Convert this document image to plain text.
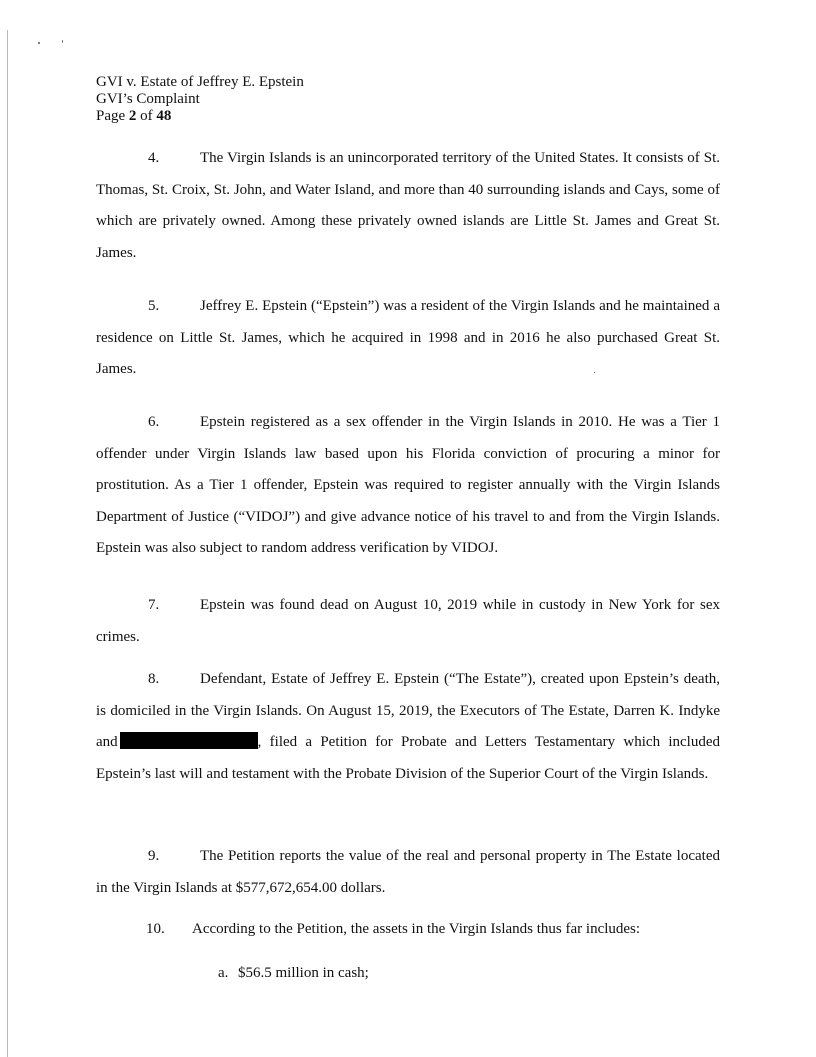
GVI v. Estate of Jeffrey E. Epstein
GVI’s Complaint
Page 2 of 48
4.	The Virgin Islands is an unincorporated territory of the United States. It consists of St. Thomas, St. Croix, St. John, and Water Island, and more than 40 surrounding islands and Cays, some of which are privately owned. Among these privately owned islands are Little St. James and Great St. James.
5.	Jeffrey E. Epstein (“Epstein”) was a resident of the Virgin Islands and he maintained a residence on Little St. James, which he acquired in 1998 and in 2016 he also purchased Great St. James.
6.	Epstein registered as a sex offender in the Virgin Islands in 2010. He was a Tier 1 offender under Virgin Islands law based upon his Florida conviction of procuring a minor for prostitution. As a Tier 1 offender, Epstein was required to register annually with the Virgin Islands Department of Justice (“VIDOJ”) and give advance notice of his travel to and from the Virgin Islands. Epstein was also subject to random address verification by VIDOJ.
7.	Epstein was found dead on August 10, 2019 while in custody in New York for sex crimes.
8.	Defendant, Estate of Jeffrey E. Epstein (“The Estate”), created upon Epstein’s death, is domiciled in the Virgin Islands. On August 15, 2019, the Executors of The Estate, Darren K. Indyke and	, filed a Petition for Probate and Letters Testamentary which included Epstein’s last will and testament with the Probate Division of the Superior Court of the Virgin Islands.
9.	The Petition reports the value of the real and personal property in The Estate located in the Virgin Islands at $577,672,654.00 dollars.
10. According to the Petition, the assets in the Virgin Islands thus far includes:
a. $56.5 million in cash;
